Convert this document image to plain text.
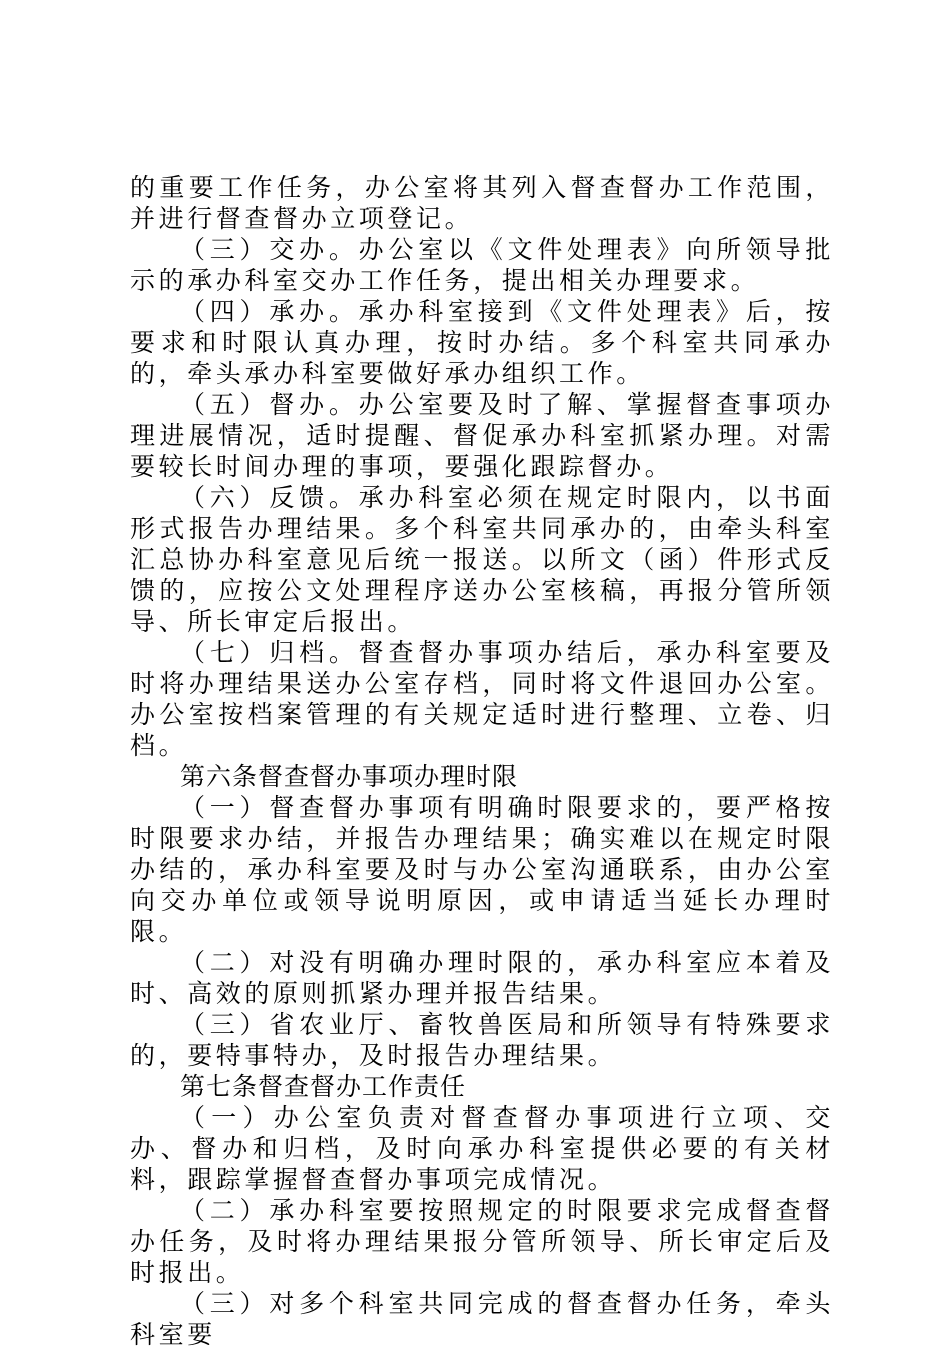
的重要工作任务，办公室将其列入督查督办工作范围，并进行督查督办立项登记。

（三）交办。办公室以《文件处理表》向所领导批示的承办科室交办工作任务，提出相关办理要求。

（四）承办。承办科室接到《文件处理表》后，按要求和时限认真办理，按时办结。多个科室共同承办的，牵头承办科室要做好承办组织工作。

（五）督办。办公室要及时了解、掌握督查事项办理进展情况，适时提醒、督促承办科室抓紧办理。对需要较长时间办理的事项，要强化跟踪督办。

（六）反馈。承办科室必须在规定时限内，以书面形式报告办理结果。多个科室共同承办的，由牵头科室汇总协办科室意见后统一报送。以所文（函）件形式反馈的，应按公文处理程序送办公室核稿，再报分管所领导、所长审定后报出。

（七）归档。督查督办事项办结后，承办科室要及时将办理结果送办公室存档，同时将文件退回办公室。办公室按档案管理的有关规定适时进行整理、立卷、归档。

第六条督查督办事项办理时限

（一）督查督办事项有明确时限要求的，要严格按时限要求办结，并报告办理结果；确实难以在规定时限办结的，承办科室要及时与办公室沟通联系，由办公室向交办单位或领导说明原因，或申请适当延长办理时限。

（二）对没有明确办理时限的，承办科室应本着及时、高效的原则抓紧办理并报告结果。

（三）省农业厅、畜牧兽医局和所领导有特殊要求的，要特事特办，及时报告办理结果。

第七条督查督办工作责任

（一）办公室负责对督查督办事项进行立项、交办、督办和归档，及时向承办科室提供必要的有关材料，跟踪掌握督查督办事项完成情况。

（二）承办科室要按照规定的时限要求完成督查督办任务，及时将办理结果报分管所领导、所长审定后及时报出。

（三）对多个科室共同完成的督查督办任务，牵头科室要
